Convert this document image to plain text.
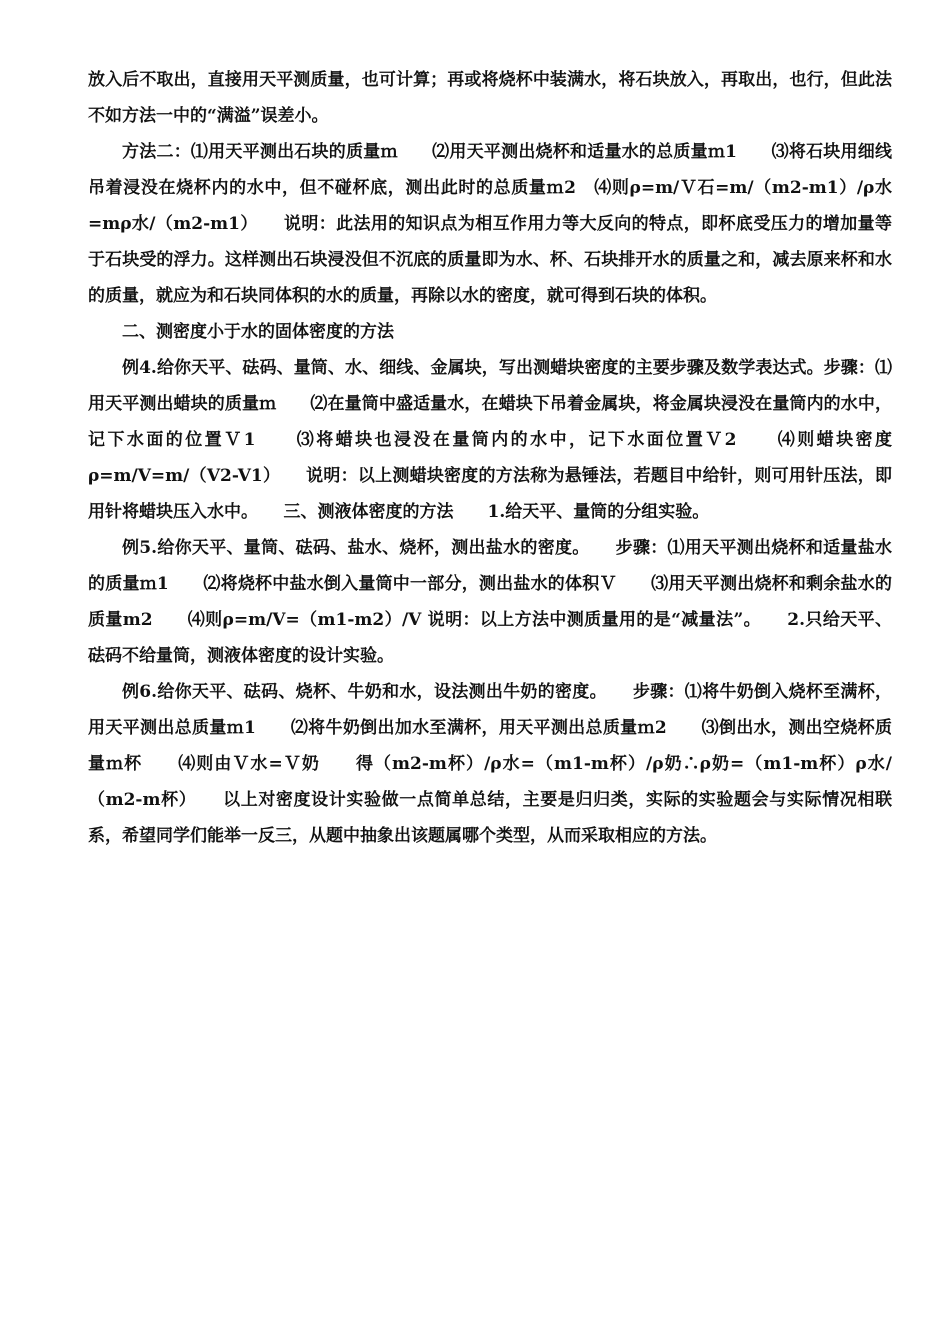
放入后不取出，直接用天平测质量，也可计算；再或将烧杯中装满水，将石块放入，再取出，也行，但此法不如方法一中的“满溢”误差小。

方法二：⑴用天平测出石块的质量ｍ　　⑵用天平测出烧杯和适量水的总质量ｍ1　　⑶将石块用细线吊着浸没在烧杯内的水中，但不碰杯底，测出此时的总质量ｍ2　⑷则ρ=m/Ｖ石=m/（m2-m1）/ρ水=mρ水/（m2-m1）　　说明：此法用的知识点为相互作用力等大反向的特点，即杯底受压力的增加量等于石块受的浮力。这样测出石块浸没但不沉底的质量即为水、杯、石块排开水的质量之和，减去原来杯和水的质量，就应为和石块同体积的水的质量，再除以水的密度，就可得到石块的体积。

二、测密度小于水的固体密度的方法

例4.给你天平、砝码、量筒、水、细线、金属块，写出测蜡块密度的主要步骤及数学表达式。步骤：⑴用天平测出蜡块的质量ｍ　　⑵在量筒中盛适量水，在蜡块下吊着金属块，将金属块浸没在量筒内的水中，记下水面的位置Ｖ1　　⑶将蜡块也浸没在量筒内的水中，记下水面位置Ｖ2　　⑷则蜡块密度ρ=m/V=m/（V2-V1）　　说明：以上测蜡块密度的方法称为悬锤法，若题目中给针，则可用针压法，即用针将蜡块压入水中。　　三、测液体密度的方法　　1.给天平、量筒的分组实验。

例5.给你天平、量筒、砝码、盐水、烧杯，测出盐水的密度。　　步骤：⑴用天平测出烧杯和适量盐水的质量ｍ1　　⑵将烧杯中盐水倒入量筒中一部分，测出盐水的体积Ｖ　　⑶用天平测出烧杯和剩余盐水的质量m2　　⑷则ρ=m/V=（m1-m2）/V 说明：以上方法中测质量用的是“减量法”。　　2.只给天平、砝码不给量筒，测液体密度的设计实验。

例6.给你天平、砝码、烧杯、牛奶和水，设法测出牛奶的密度。　　步骤：⑴将牛奶倒入烧杯至满杯，用天平测出总质量ｍ1　　⑵将牛奶倒出加水至满杯，用天平测出总质量ｍ2　　⑶倒出水，测出空烧杯质量ｍ杯　　⑷则由Ｖ水=Ｖ奶　　得（m2-m杯）/ρ水=（m1-m杯）/ρ奶∴ρ奶=（m1-m杯）ρ水/（m2-m杯）　　以上对密度设计实验做一点简单总结，主要是归归类，实际的实验题会与实际情况相联系，希望同学们能举一反三，从题中抽象出该题属哪个类型，从而采取相应的方法。
